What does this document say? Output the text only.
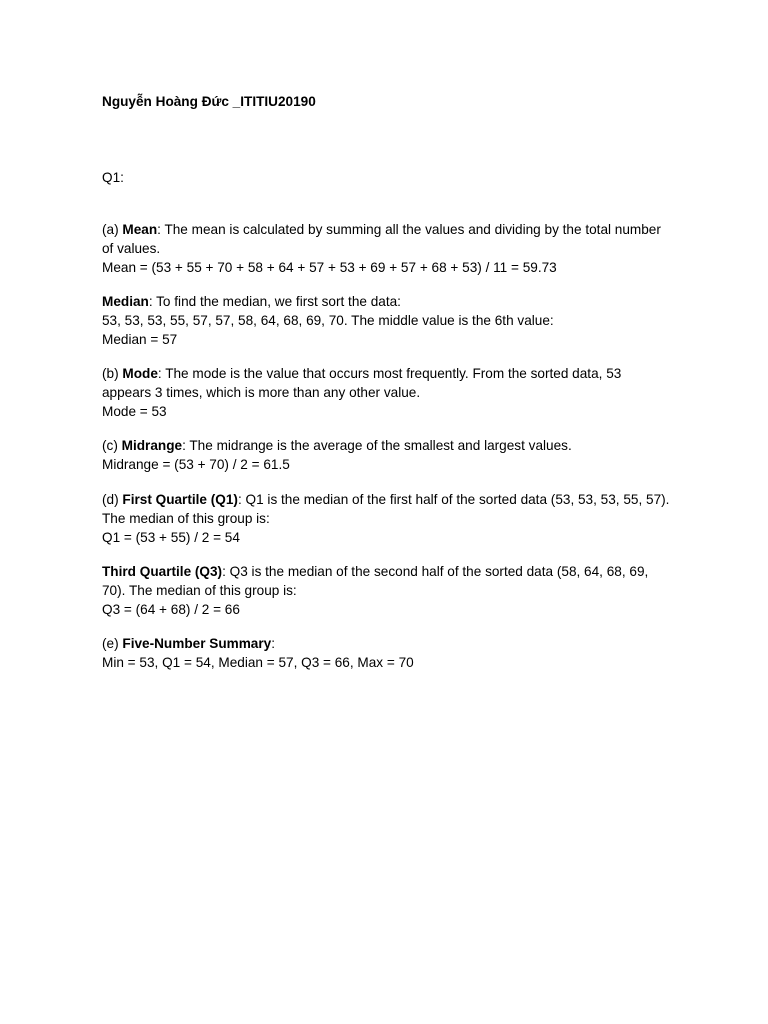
Nguyễn Hoàng Đức _ITITIU20190
Q1:
(a) Mean: The mean is calculated by summing all the values and dividing by the total number
of values.
Mean = (53 + 55 + 70 + 58 + 64 + 57 + 53 + 69 + 57 + 68 + 53) / 11 = 59.73
Median: To find the median, we first sort the data:
53, 53, 53, 55, 57, 57, 58, 64, 68, 69, 70. The middle value is the 6th value:
Median = 57
(b) Mode: The mode is the value that occurs most frequently. From the sorted data, 53
appears 3 times, which is more than any other value.
Mode = 53
(c) Midrange: The midrange is the average of the smallest and largest values.
Midrange = (53 + 70) / 2 = 61.5
(d) First Quartile (Q1): Q1 is the median of the first half of the sorted data (53, 53, 53, 55, 57).
The median of this group is:
Q1 = (53 + 55) / 2 = 54
Third Quartile (Q3): Q3 is the median of the second half of the sorted data (58, 64, 68, 69,
70). The median of this group is:
Q3 = (64 + 68) / 2 = 66
(e) Five-Number Summary:
Min = 53, Q1 = 54, Median = 57, Q3 = 66, Max = 70
